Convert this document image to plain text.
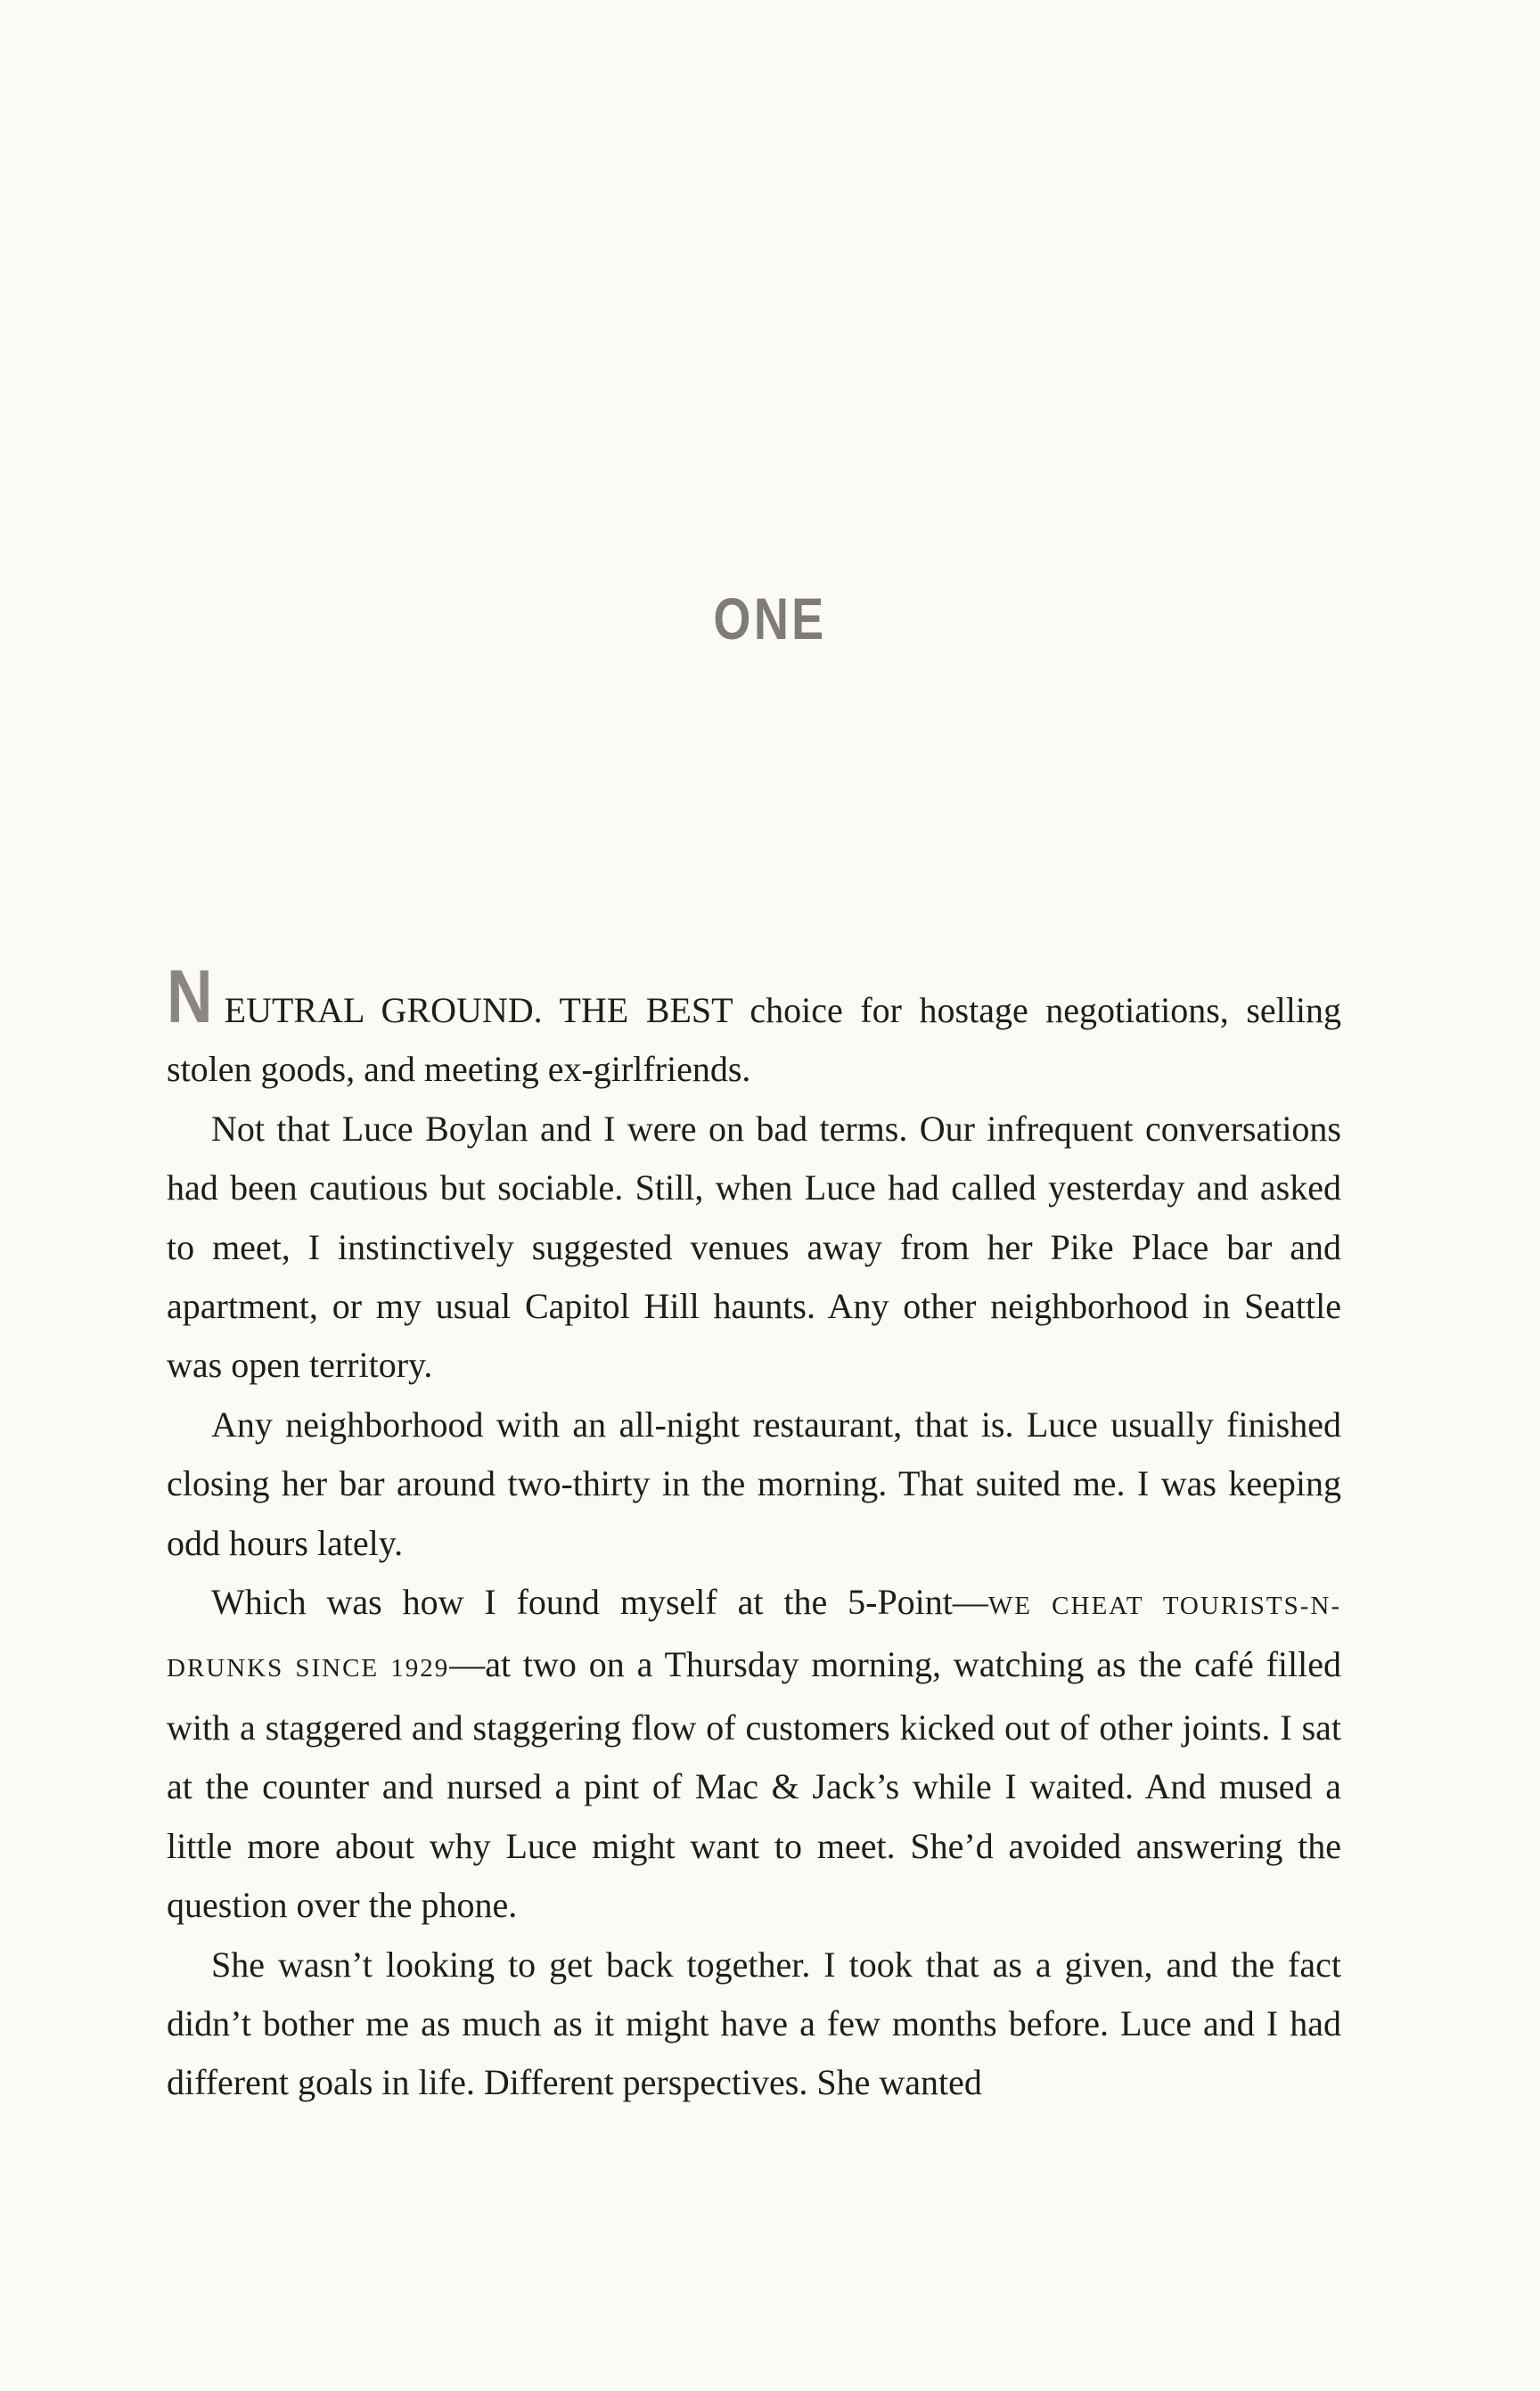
ONE

NEUTRAL GROUND. THE BEST choice for hostage negotiations, selling stolen goods, and meeting ex-girlfriends.

Not that Luce Boylan and I were on bad terms. Our infrequent conversations had been cautious but sociable. Still, when Luce had called yesterday and asked to meet, I instinctively suggested venues away from her Pike Place bar and apartment, or my usual Capitol Hill haunts. Any other neighborhood in Seattle was open territory.

Any neighborhood with an all-night restaurant, that is. Luce usually finished closing her bar around two-thirty in the morning. That suited me. I was keeping odd hours lately.

Which was how I found myself at the 5-Point—WE CHEAT TOURISTS-N-DRUNKS SINCE 1929—at two on a Thursday morning, watching as the café filled with a staggered and staggering flow of customers kicked out of other joints. I sat at the counter and nursed a pint of Mac & Jack’s while I waited. And mused a little more about why Luce might want to meet. She’d avoided answering the question over the phone.

She wasn’t looking to get back together. I took that as a given, and the fact didn’t bother me as much as it might have a few months before. Luce and I had different goals in life. Different perspectives. She wanted
